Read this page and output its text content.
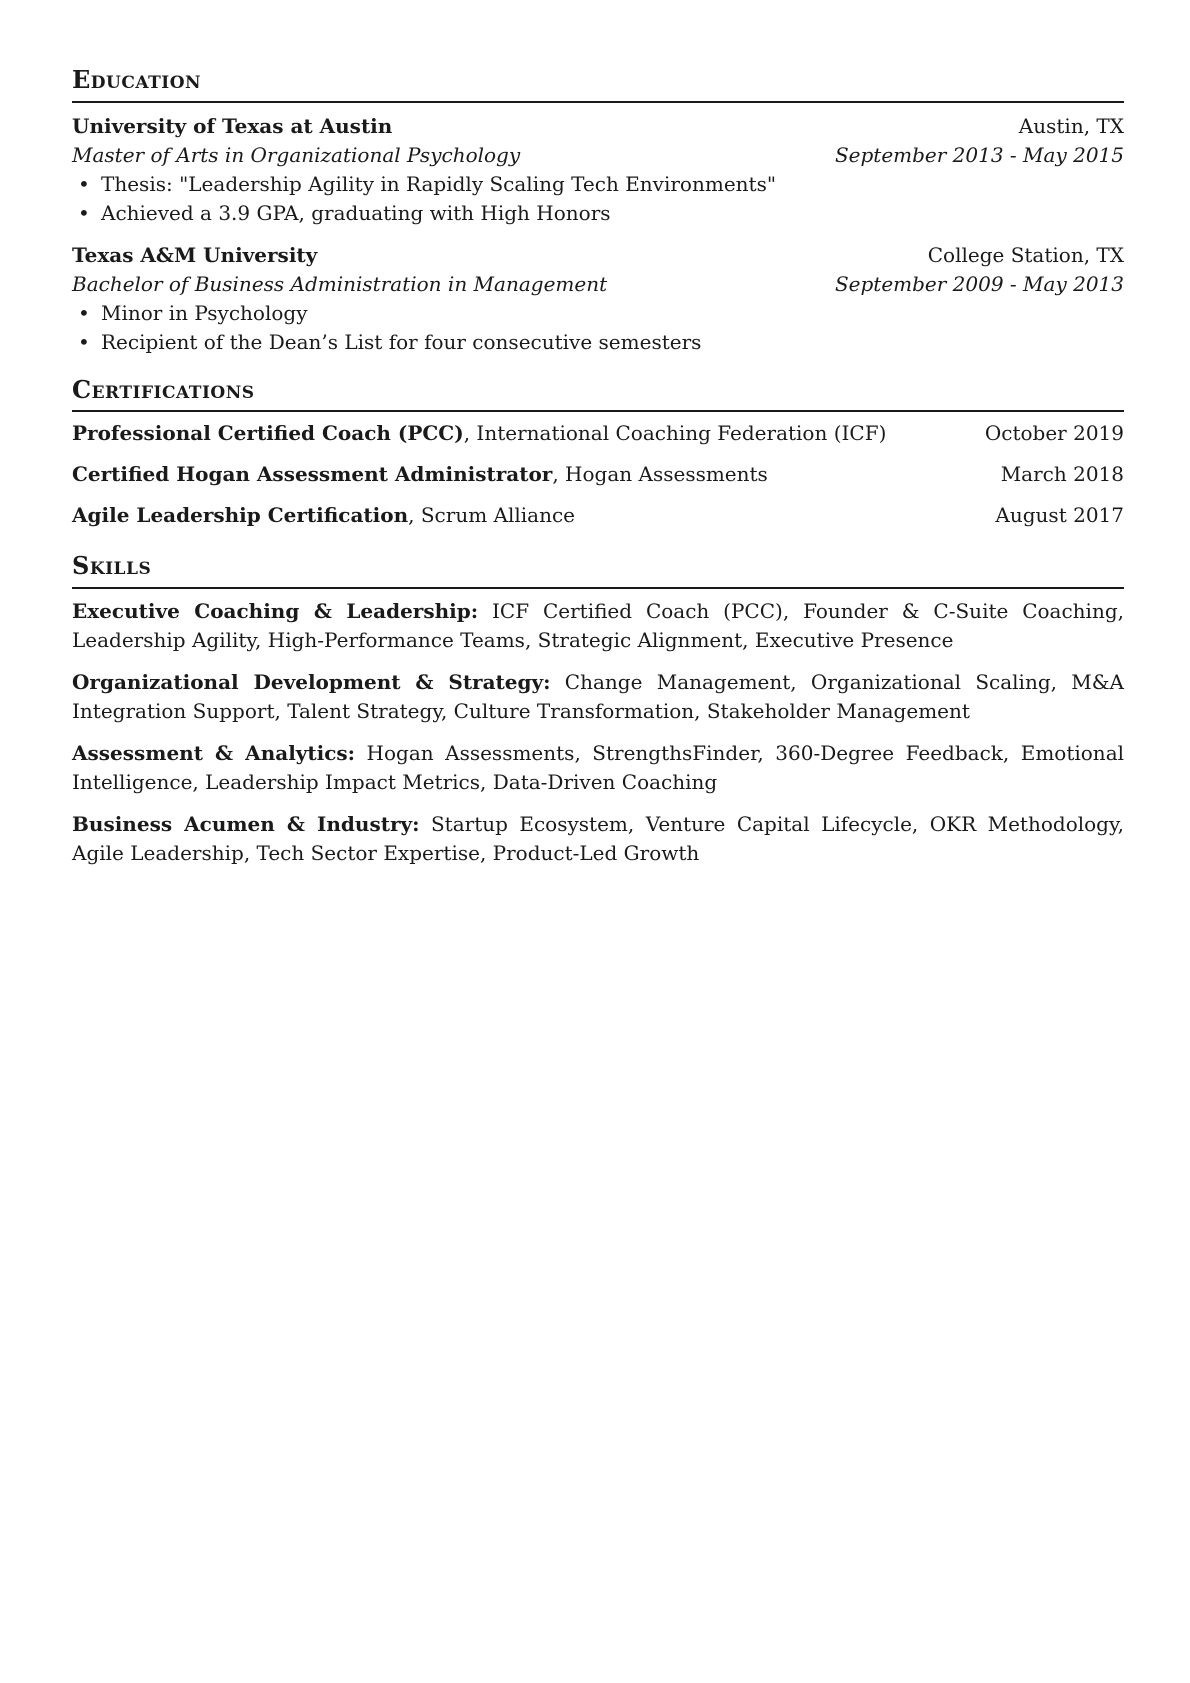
Education
University of Texas at Austin	Austin, TX
Master of Arts in Organizational Psychology	September 2013 - May 2015
• Thesis: "Leadership Agility in Rapidly Scaling Tech Environments"
• Achieved a 3.9 GPA, graduating with High Honors
Texas A&M University	College Station, TX
Bachelor of Business Administration in Management	September 2009 - May 2013
• Minor in Psychology
• Recipient of the Dean’s List for four consecutive semesters
Certifications
Professional Certified Coach (PCC), International Coaching Federation (ICF)	October 2019
Certified Hogan Assessment Administrator, Hogan Assessments	March 2018
Agile Leadership Certification, Scrum Alliance	August 2017
Skills
Executive Coaching & Leadership: ICF Certified Coach (PCC), Founder & C-Suite Coaching, Leadership Agility, High-Performance Teams, Strategic Alignment, Executive Presence
Organizational Development & Strategy: Change Management, Organizational Scaling, M&A Integration Support, Talent Strategy, Culture Transformation, Stakeholder Management
Assessment & Analytics: Hogan Assessments, StrengthsFinder, 360-Degree Feedback, Emotional Intelligence, Leadership Impact Metrics, Data-Driven Coaching
Business Acumen & Industry: Startup Ecosystem, Venture Capital Lifecycle, OKR Methodology, Agile Leadership, Tech Sector Expertise, Product-Led Growth
